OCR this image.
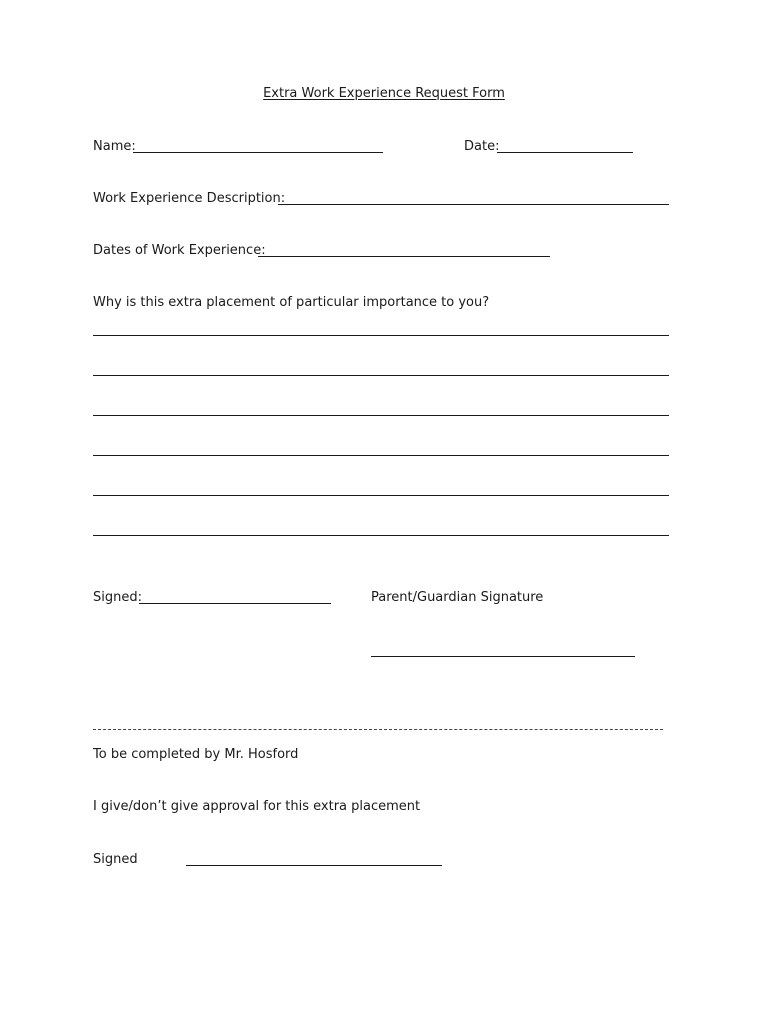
Extra Work Experience Request Form
Name:	Date:
Work Experience Description:
Dates of Work Experience:
Why is this extra placement of particular importance to you?
Signed:	Parent/Guardian Signature
To be completed by Mr. Hosford
I give/don’t give approval for this extra placement
Signed
